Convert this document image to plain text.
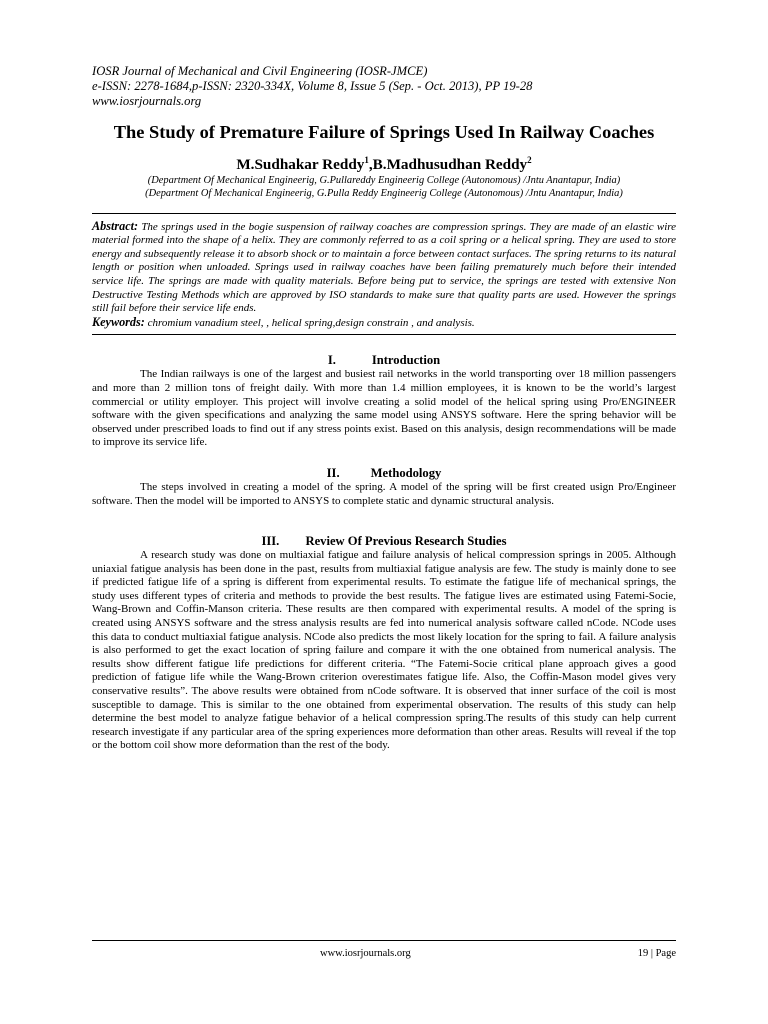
IOSR Journal of Mechanical and Civil Engineering (IOSR-JMCE)
e-ISSN: 2278-1684,p-ISSN: 2320-334X, Volume 8, Issue 5 (Sep. - Oct. 2013), PP 19-28
www.iosrjournals.org
The Study of Premature Failure of Springs Used In Railway Coaches
M.Sudhakar Reddy$^1$,B.Madhusudhan Reddy$^2$
(Department Of Mechanical Engineerig, G.Pullareddy Engineerig College (Autonomous) /Jntu Anantapur, India)
(Department Of Mechanical Engineerig, G.Pulla Reddy Engineerig College (Autonomous) /Jntu Anantapur, India)
Abstract: The springs used in the bogie suspension of railway coaches are compression springs. They are made of an elastic wire material formed into the shape of a helix. They are commonly referred to as a coil spring or a helical spring. They are used to store energy and subsequently release it to absorb shock or to maintain a force between contact surfaces. The spring returns to its natural length or position when unloaded. Springs used in railway coaches have been failing prematurely much before their intended service life. The springs are made with quality materials. Before being put to service, the springs are tested with extensive Non Destructive Testing Methods which are approved by ISO standards to make sure that quality parts are used. However the springs still fail before their service life ends.
Keywords: chromium vanadium steel, , helical spring,design constrain , and analysis.
I.	Introduction
The Indian railways is one of the largest and busiest rail networks in the world transporting over 18 million passengers and more than 2 million tons of freight daily. With more than 1.4 million employees, it is known to be the world’s largest commercial or utility employer. This project will involve creating a solid model of the helical spring using Pro/ENGINEER software with the given specifications and analyzing the same model using ANSYS software. Here the spring behavior will be observed under prescribed loads to find out if any stress points exist. Based on this analysis, design recommendations will be made to improve its service life.
II. Methodology
The steps involved in creating a model of the spring. A model of the spring will be first created usign Pro/Engineer software. Then the model will be imported to ANSYS to complete static and dynamic structural analysis.
III. Review Of Previous Research Studies
A research study was done on multiaxial fatigue and failure analysis of helical compression springs in 2005. Although uniaxial fatigue analysis has been done in the past, results from multiaxial fatigue analysis are few. The study is mainly done to see if predicted fatigue life of a spring is different from experimental results. To estimate the fatigue life of mechanical springs, the study uses different types of criteria and methods to provide the best results. The fatigue lives are estimated using Fatemi-Socie, Wang-Brown and Coffin-Manson criteria. These results are then compared with experimental results. A model of the spring is created using ANSYS software and the stress analysis results are fed into numerical analysis software called nCode. NCode uses this data to conduct multiaxial fatigue analysis. NCode also predicts the most likely location for the spring to fail. A failure analysis is also performed to get the exact location of spring failure and compare it with the one obtained from numerical analysis. The results show different fatigue life predictions for different criteria. “The Fatemi-Socie critical plane approach gives a good prediction of fatigue life while the Wang-Brown criterion overestimates fatigue life. Also, the Coffin-Mason model gives very conservative results”. The above results were obtained from nCode software. It is observed that inner surface of the coil is most susceptible to damage. This is similar to the one obtained from experimental observation. The results of this study can help determine the best model to analyze fatigue behavior of a helical compression spring.The results of this study can help current research investigate if any particular area of the spring experiences more deformation than other areas. Results will reveal if the top or the bottom coil show more deformation than the rest of the body.
www.iosrjournals.org	19 | Page
